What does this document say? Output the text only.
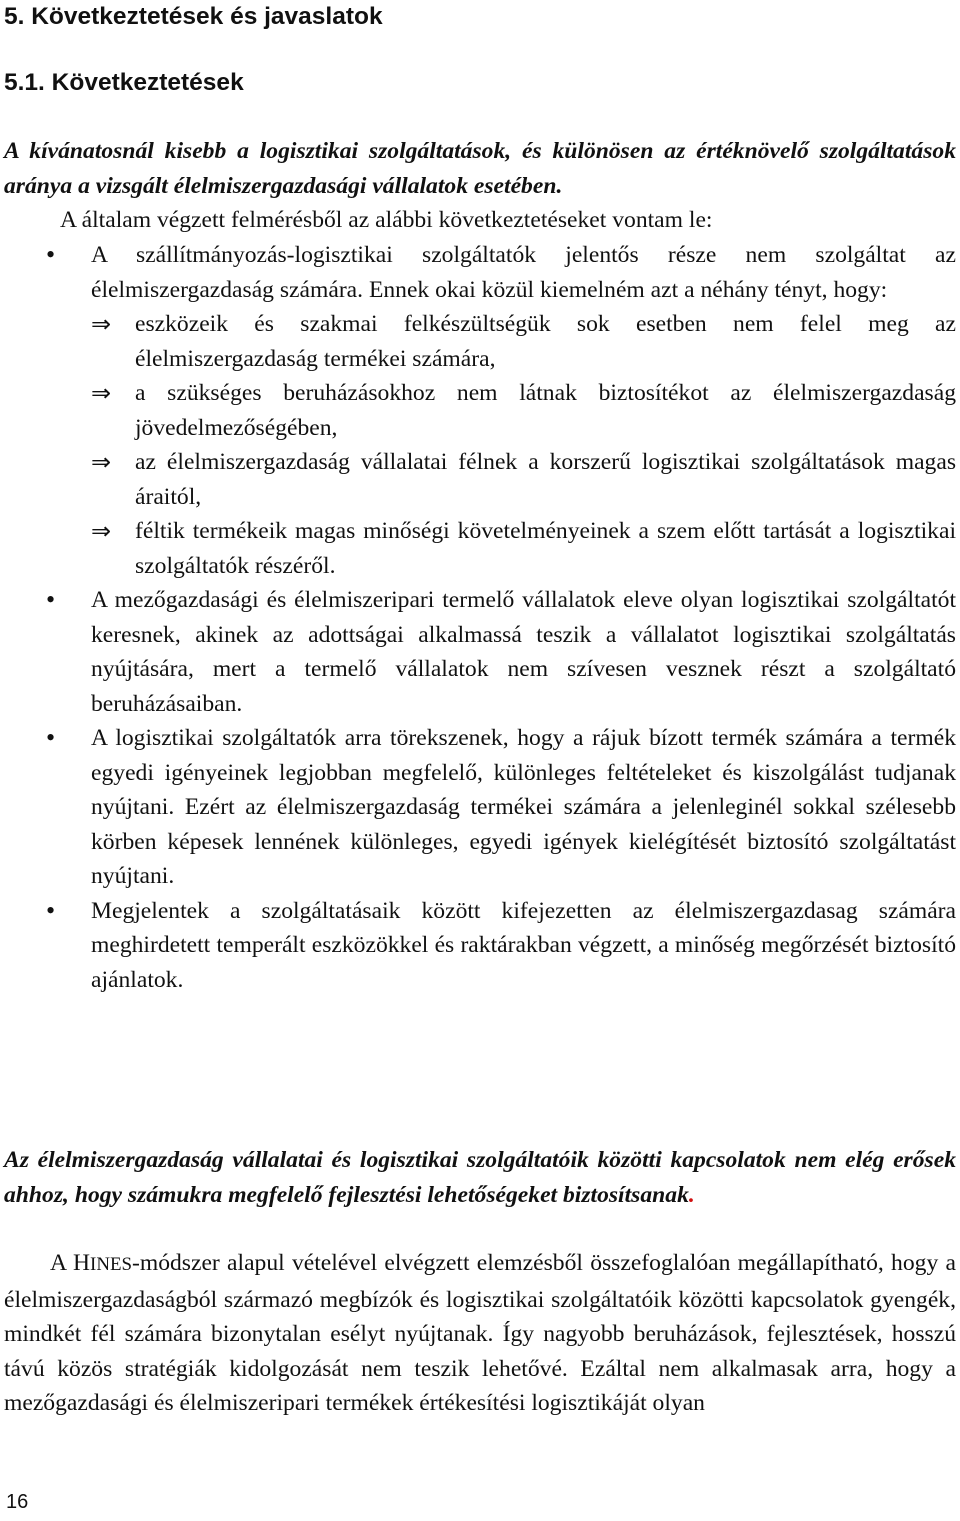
5. Következtetések és javaslatok
5.1. Következtetések

A kívánatosnál kisebb a logisztikai szolgáltatások, és különösen az értéknövelő szolgáltatások aránya a vizsgált élelmiszergazdasági vállalatok esetében.

A általam végzett felmérésből az alábbi következtetéseket vontam le:

•	A szállítmányozás-logisztikai szolgáltatók jelentős része nem szolgáltat az élelmiszergazdaság számára. Ennek okai közül kiemelném azt a néhány tényt, hogy:

⇒	eszközeik és szakmai felkészültségük sok esetben nem felel meg az élelmiszergazdaság termékei számára,

⇒	a szükséges beruházásokhoz nem látnak biztosítékot az élelmiszergazdaság jövedelmezőségében,

⇒	az élelmiszergazdaság vállalatai félnek a korszerű logisztikai szolgáltatások magas áraitól,

⇒	féltik termékeik magas minőségi követelményeinek a szem előtt tartását a logisztikai szolgáltatók részéről.

•	A mezőgazdasági és élelmiszeripari termelő vállalatok eleve olyan logisztikai szolgáltatót keresnek, akinek az adottságai alkalmassá teszik a vállalatot logisztikai szolgáltatás nyújtására, mert a termelő vállalatok nem szívesen vesznek részt a szolgáltató beruházásaiban.

•	A logisztikai szolgáltatók arra törekszenek, hogy a rájuk bízott termék számára a termék egyedi igényeinek legjobban megfelelő, különleges feltételeket és kiszolgálást tudjanak nyújtani. Ezért az élelmiszergazdaság termékei számára a jelenleginél sokkal szélesebb körben képesek lennének különleges, egyedi igények kielégítését biztosító szolgáltatást nyújtani.

•	Megjelentek a szolgáltatásaik között kifejezetten az élelmiszergazdasag számára meghirdetett temperált eszközökkel és raktárakban végzett, a minőség megőrzését biztosító ajánlatok.

Az élelmiszergazdaság vállalatai és logisztikai szolgáltatóik közötti kapcsolatok nem elég erősek ahhoz, hogy számukra megfelelő fejlesztési lehetőségeket biztosítsanak.

A HINES-módszer alapul vételével elvégzett elemzésből összefoglalóan megállapítható, hogy a élelmiszergazdaságból származó megbízók és logisztikai szolgáltatóik közötti kapcsolatok gyengék, mindkét fél számára bizonytalan esélyt nyújtanak. Így nagyobb beruházások, fejlesztések, hosszú távú közös stratégiák kidolgozását nem teszik lehetővé. Ezáltal nem alkalmasak arra, hogy a mezőgazdasági és élelmiszeripari termékek értékesítési logisztikáját olyan

16
